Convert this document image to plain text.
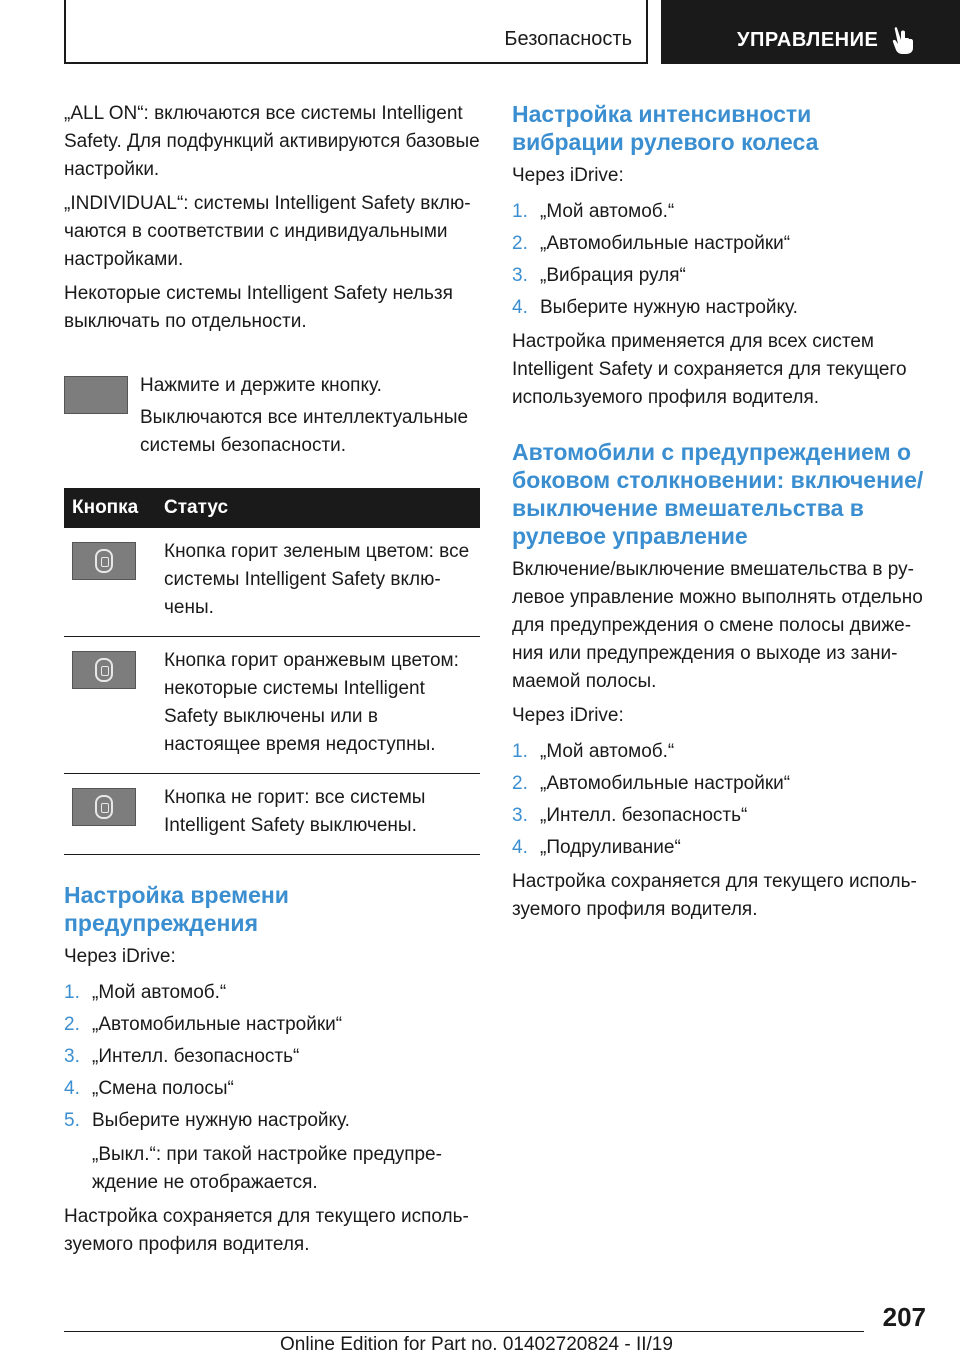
Безопасность	УПРАВЛЕНИЕ

„ALL ON“: включаются все системы Intelligent Safety. Для подфункций активируются базовые настройки.

„INDIVIDUAL“: системы Intelligent Safety включаются в соответствии с индивидуальными настройками.

Некоторые системы Intelligent Safety нельзя выключать по отдельности.

Нажмите и держите кнопку.

Выключаются все интеллектуальные системы безопасности.

Кнопка	Статус

	Кнопка горит зеленым цветом: все системы Intelligent Safety включены.

	Кнопка горит оранжевым цветом: некоторые системы Intelligent Safety выключены или в настоящее время недоступны.

	Кнопка не горит: все системы Intelligent Safety выключены.
Настройка времени предупреждения

Через iDrive:

1. „Мой автомоб.“
2. „Автомобильные настройки“
3. „Интелл. безопасность“
4. „Смена полосы“
5. Выберите нужную настройку.

„Выкл.“: при такой настройке предупреждение не отображается.

Настройка сохраняется для текущего используемого профиля водителя.

Настройка интенсивности вибрации рулевого колеса

Через iDrive:

1. „Мой автомоб.“
2. „Автомобильные настройки“
3. „Вибрация руля“
4. Выберите нужную настройку.

Настройка применяется для всех систем Intelligent Safety и сохраняется для текущего используемого профиля водителя.

Автомобили с предупреждением о боковом столкновении: включение/выключение вмешательства в рулевое управление

Включение/выключение вмешательства в рулевое управление можно выполнять отдельно для предупреждения о смене полосы движения или предупреждения о выходе из занимаемой полосы.

Через iDrive:

1. „Мой автомоб.“
2. „Автомобильные настройки“
3. „Интелл. безопасность“
4. „Подруливание“

Настройка сохраняется для текущего используемого профиля водителя.

207
Online Edition for Part no. 01402720824 - II/19
